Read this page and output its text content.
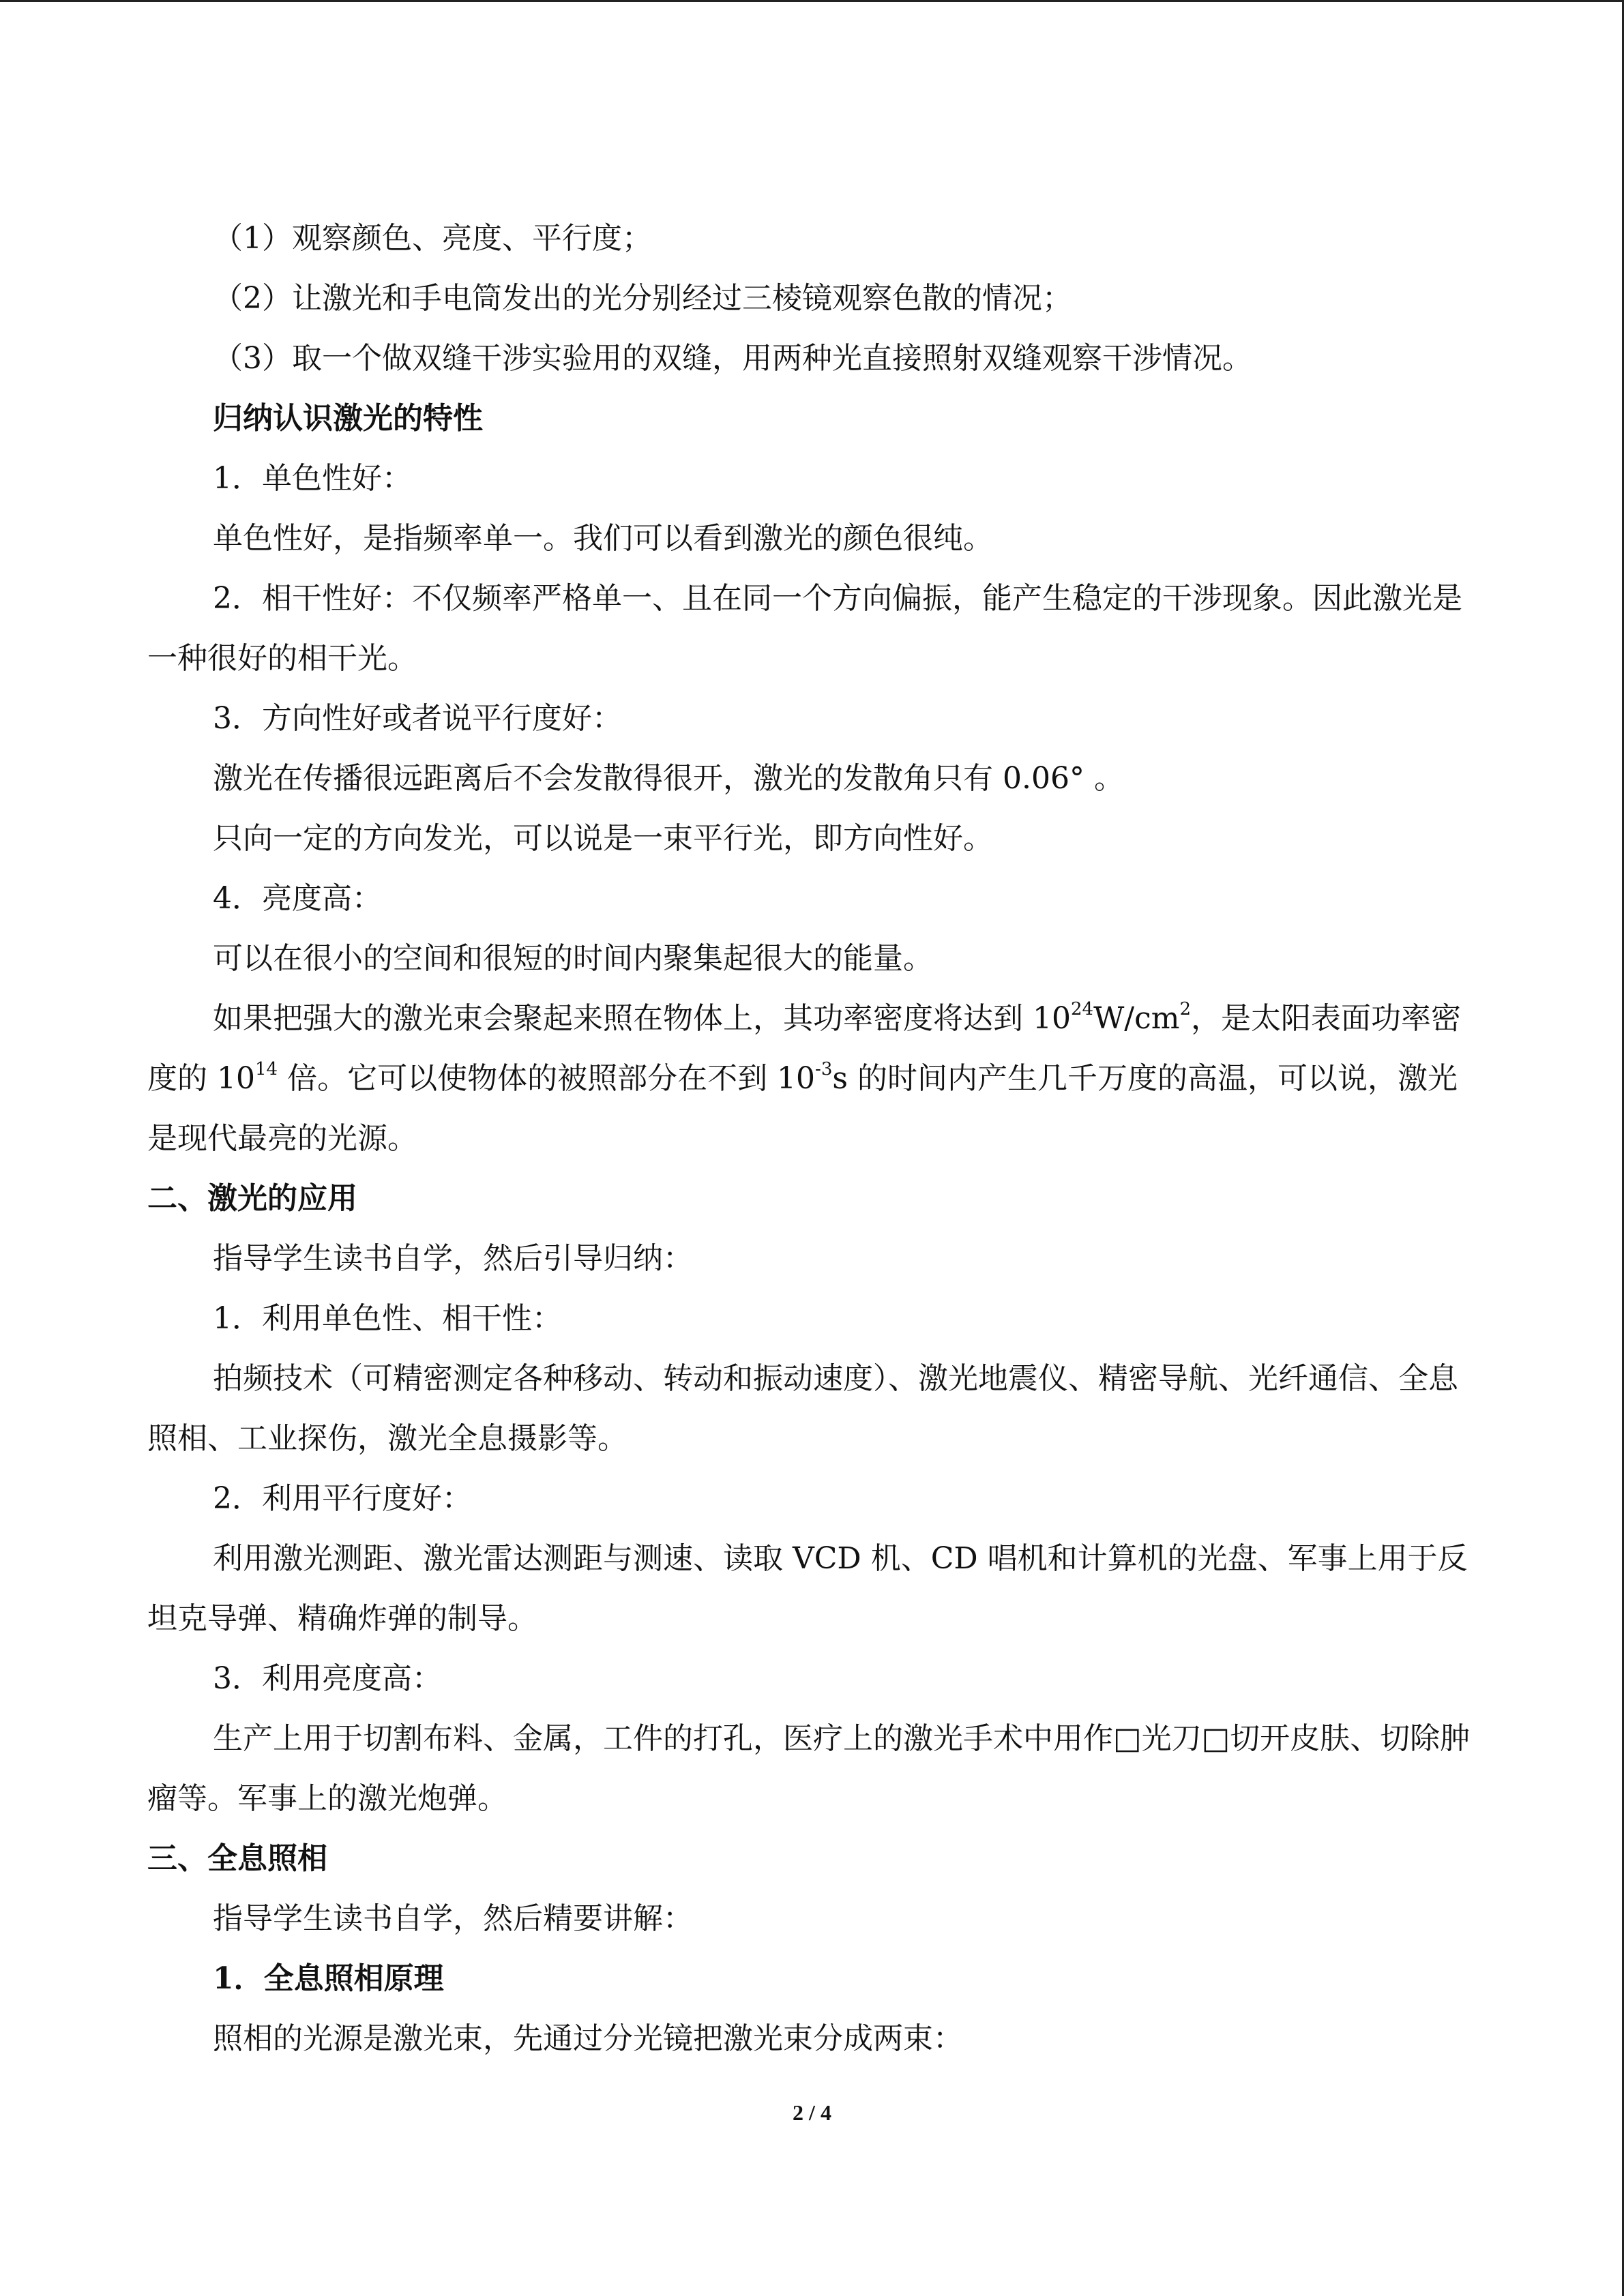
（1）观察颜色、亮度、平行度；

（2）让激光和手电筒发出的光分别经过三棱镜观察色散的情况；

（3）取一个做双缝干涉实验用的双缝，用两种光直接照射双缝观察干涉情况。

归纳认识激光的特性

1．单色性好：

单色性好，是指频率单一。我们可以看到激光的颜色很纯。

2．相干性好：不仅频率严格单一、且在同一个方向偏振，能产生稳定的干涉现象。因此激光是一种很好的相干光。

3．方向性好或者说平行度好：

激光在传播很远距离后不会发散得很开，激光的发散角只有 0.06° 。

只向一定的方向发光，可以说是一束平行光，即方向性好。

4．亮度高：

可以在很小的空间和很短的时间内聚集起很大的能量。

如果把强大的激光束会聚起来照在物体上，其功率密度将达到 $10^{24}W/cm^2$，是太阳表面功率密度的 $10^{14}$ 倍。它可以使物体的被照部分在不到 $10^{-3}s$ 的时间内产生几千万度的高温，可以说，激光是现代最亮的光源。

二、激光的应用

指导学生读书自学，然后引导归纳：

1．利用单色性、相干性：

拍频技术（可精密测定各种移动、转动和振动速度）、激光地震仪、精密导航、光纤通信、全息照相、工业探伤，激光全息摄影等。

2．利用平行度好：

利用激光测距、激光雷达测距与测速、读取 VCD 机、CD 唱机和计算机的光盘、军事上用于反坦克导弹、精确炸弹的制导。

3．利用亮度高：

生产上用于切割布料、金属，工件的打孔，医疗上的激光手术中用作□光刀□切开皮肤、切除肿瘤等。军事上的激光炮弹。

三、全息照相

指导学生读书自学，然后精要讲解：

1．全息照相原理

照相的光源是激光束，先通过分光镜把激光束分成两束：

2 / 4
